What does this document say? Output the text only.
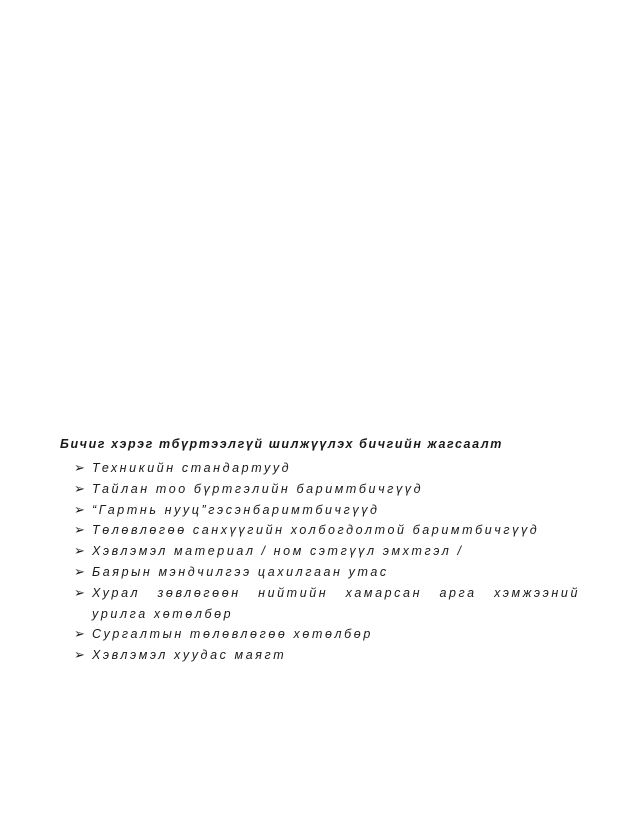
Бичиг хэрэг тбүртээлгүй шилжүүлэх бичгийн жагсаалт
➢ Техникийн стандартууд
➢ Тайлан тоо бүртгэлийн баримтбичгүүд
➢ “Гартнь нууц”гэсэнбаримтбичгүүд
➢ Төлөвлөгөө санхүүгийн холбогдолтой баримтбичгүүд
➢ Хэвлэмэл материал / ном сэтгүүл эмхтгэл /
➢ Баярын мэндчилгээ цахилгаан утас
➢ Хурал зөвлөгөөн нийтийн хамарсан арга хэмжээний урилга хөтөлбөр
➢ Сургалтын төлөвлөгөө хөтөлбөр
➢ Хэвлэмэл хуудас маягт
